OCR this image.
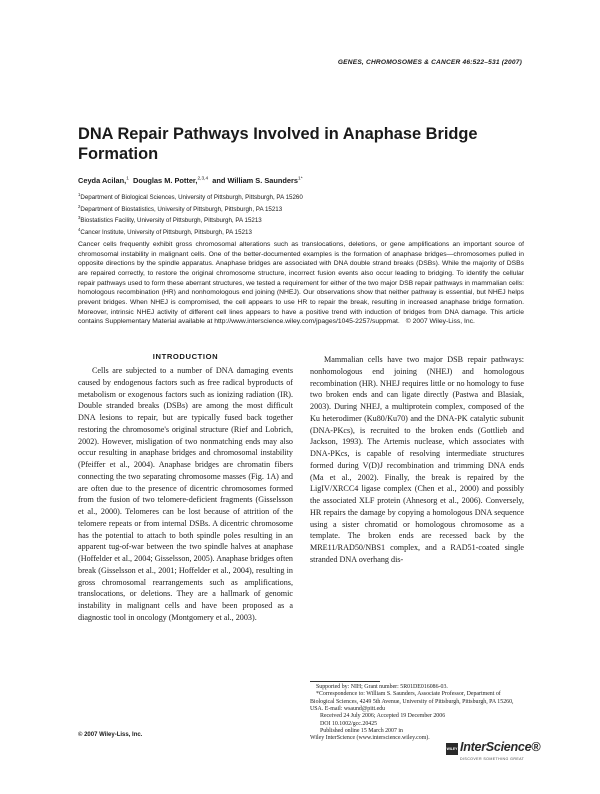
GENES, CHROMOSOMES & CANCER 46:522–531 (2007)
DNA Repair Pathways Involved in Anaphase Bridge Formation
Ceyda Acilan,$^1$ Douglas M. Potter,$^{2,3,4}$ and William S. Saunders$^{1*}$
$^1$Department of Biological Sciences, University of Pittsburgh, Pittsburgh, PA 15260
$^2$Department of Biostatistics, University of Pittsburgh, Pittsburgh, PA 15213
$^3$Biostatistics Facility, University of Pittsburgh, Pittsburgh, PA 15213
$^4$Cancer Institute, University of Pittsburgh, Pittsburgh, PA 15213

Cancer cells frequently exhibit gross chromosomal alterations such as translocations, deletions, or gene amplifications an important source of chromosomal instability in malignant cells. One of the better-documented examples is the formation of anaphase bridges—chromosomes pulled in opposite directions by the spindle apparatus. Anaphase bridges are associated with DNA double strand breaks (DSBs). While the majority of DSBs are repaired correctly, to restore the original chromosome structure, incorrect fusion events also occur leading to bridging. To identify the cellular repair pathways used to form these aberrant structures, we tested a requirement for either of the two major DSB repair pathways in mammalian cells: homologous recombination (HR) and nonhomologous end joining (NHEJ). Our observations show that neither pathway is essential, but NHEJ helps prevent bridges. When NHEJ is compromised, the cell appears to use HR to repair the break, resulting in increased anaphase bridge formation. Moreover, intrinsic NHEJ activity of different cell lines appears to have a positive trend with induction of bridges from DNA damage. This article contains Supplementary Material available at http://www.interscience.wiley.com/jpages/1045-2257/suppmat. © 2007 Wiley-Liss, Inc.

INTRODUCTION

Cells are subjected to a number of DNA damaging events caused by endogenous factors such as free radical byproducts of metabolism or exogenous factors such as ionizing radiation (IR). Double stranded breaks (DSBs) are among the most difficult DNA lesions to repair, but are typically fused back together restoring the chromosome's original structure (Rief and Lobrich, 2002). However, misligation of two nonmatching ends may also occur resulting in anaphase bridges and chromosomal instability (Pfeiffer et al., 2004). Anaphase bridges are chromatin fibers connecting the two separating chromosome masses (Fig. 1A) and are often due to the presence of dicentric chromosomes formed from the fusion of two telomere-deficient fragments (Gisselsson et al., 2000). Telomeres can be lost because of attrition of the telomere repeats or from internal DSBs. A dicentric chromosome has the potential to attach to both spindle poles resulting in an apparent tug-of-war between the two spindle halves at anaphase (Hoffelder et al., 2004; Gisselsson, 2005). Anaphase bridges often break (Gisselsson et al., 2001; Hoffelder et al., 2004), resulting in gross chromosomal rearrangements such as amplifications, translocations, or deletions. They are a hallmark of genomic instability in malignant cells and have been proposed as a diagnostic tool in oncology (Montgomery et al., 2003).

Mammalian cells have two major DSB repair pathways: nonhomologous end joining (NHEJ) and homologous recombination (HR). NHEJ requires little or no homology to fuse two broken ends and can ligate directly (Pastwa and Blasiak, 2003). During NHEJ, a multiprotein complex, composed of the Ku heterodimer (Ku80/Ku70) and the DNA-PK catalytic subunit (DNA-PKcs), is recruited to the broken ends (Gottlieb and Jackson, 1993). The Artemis nuclease, which associates with DNA-PKcs, is capable of resolving intermediate structures formed during V(D)J recombination and trimming DNA ends (Ma et al., 2002). Finally, the break is repaired by the LigIV/XRCC4 ligase complex (Chen et al., 2000) and possibly the associated XLF protein (Ahnesorg et al., 2006). Conversely, HR repairs the damage by copying a homologous DNA sequence using a sister chromatid or homologous chromosome as a template. The broken ends are recessed back by the MRE11/RAD50/NBS1 complex, and a RAD51-coated single stranded DNA overhang dis-

Supported by: NIH; Grant number: 5R01DE016086-03.

*Correspondence to: William S. Saunders, Associate Professor, Department of Biological Sciences, 4249 5th Avenue, University of Pittsburgh, Pittsburgh, PA 15260, USA. E-mail: wsaund@pitt.edu

Received 24 July 2006; Accepted 19 December 2006

DOI 10.1002/gcc.20425

Published online 15 March 2007 in

Wiley InterScience (www.interscience.wiley.com).

© 2007 Wiley-Liss, Inc.
WILEY InterScience®
DISCOVER SOMETHING GREAT
